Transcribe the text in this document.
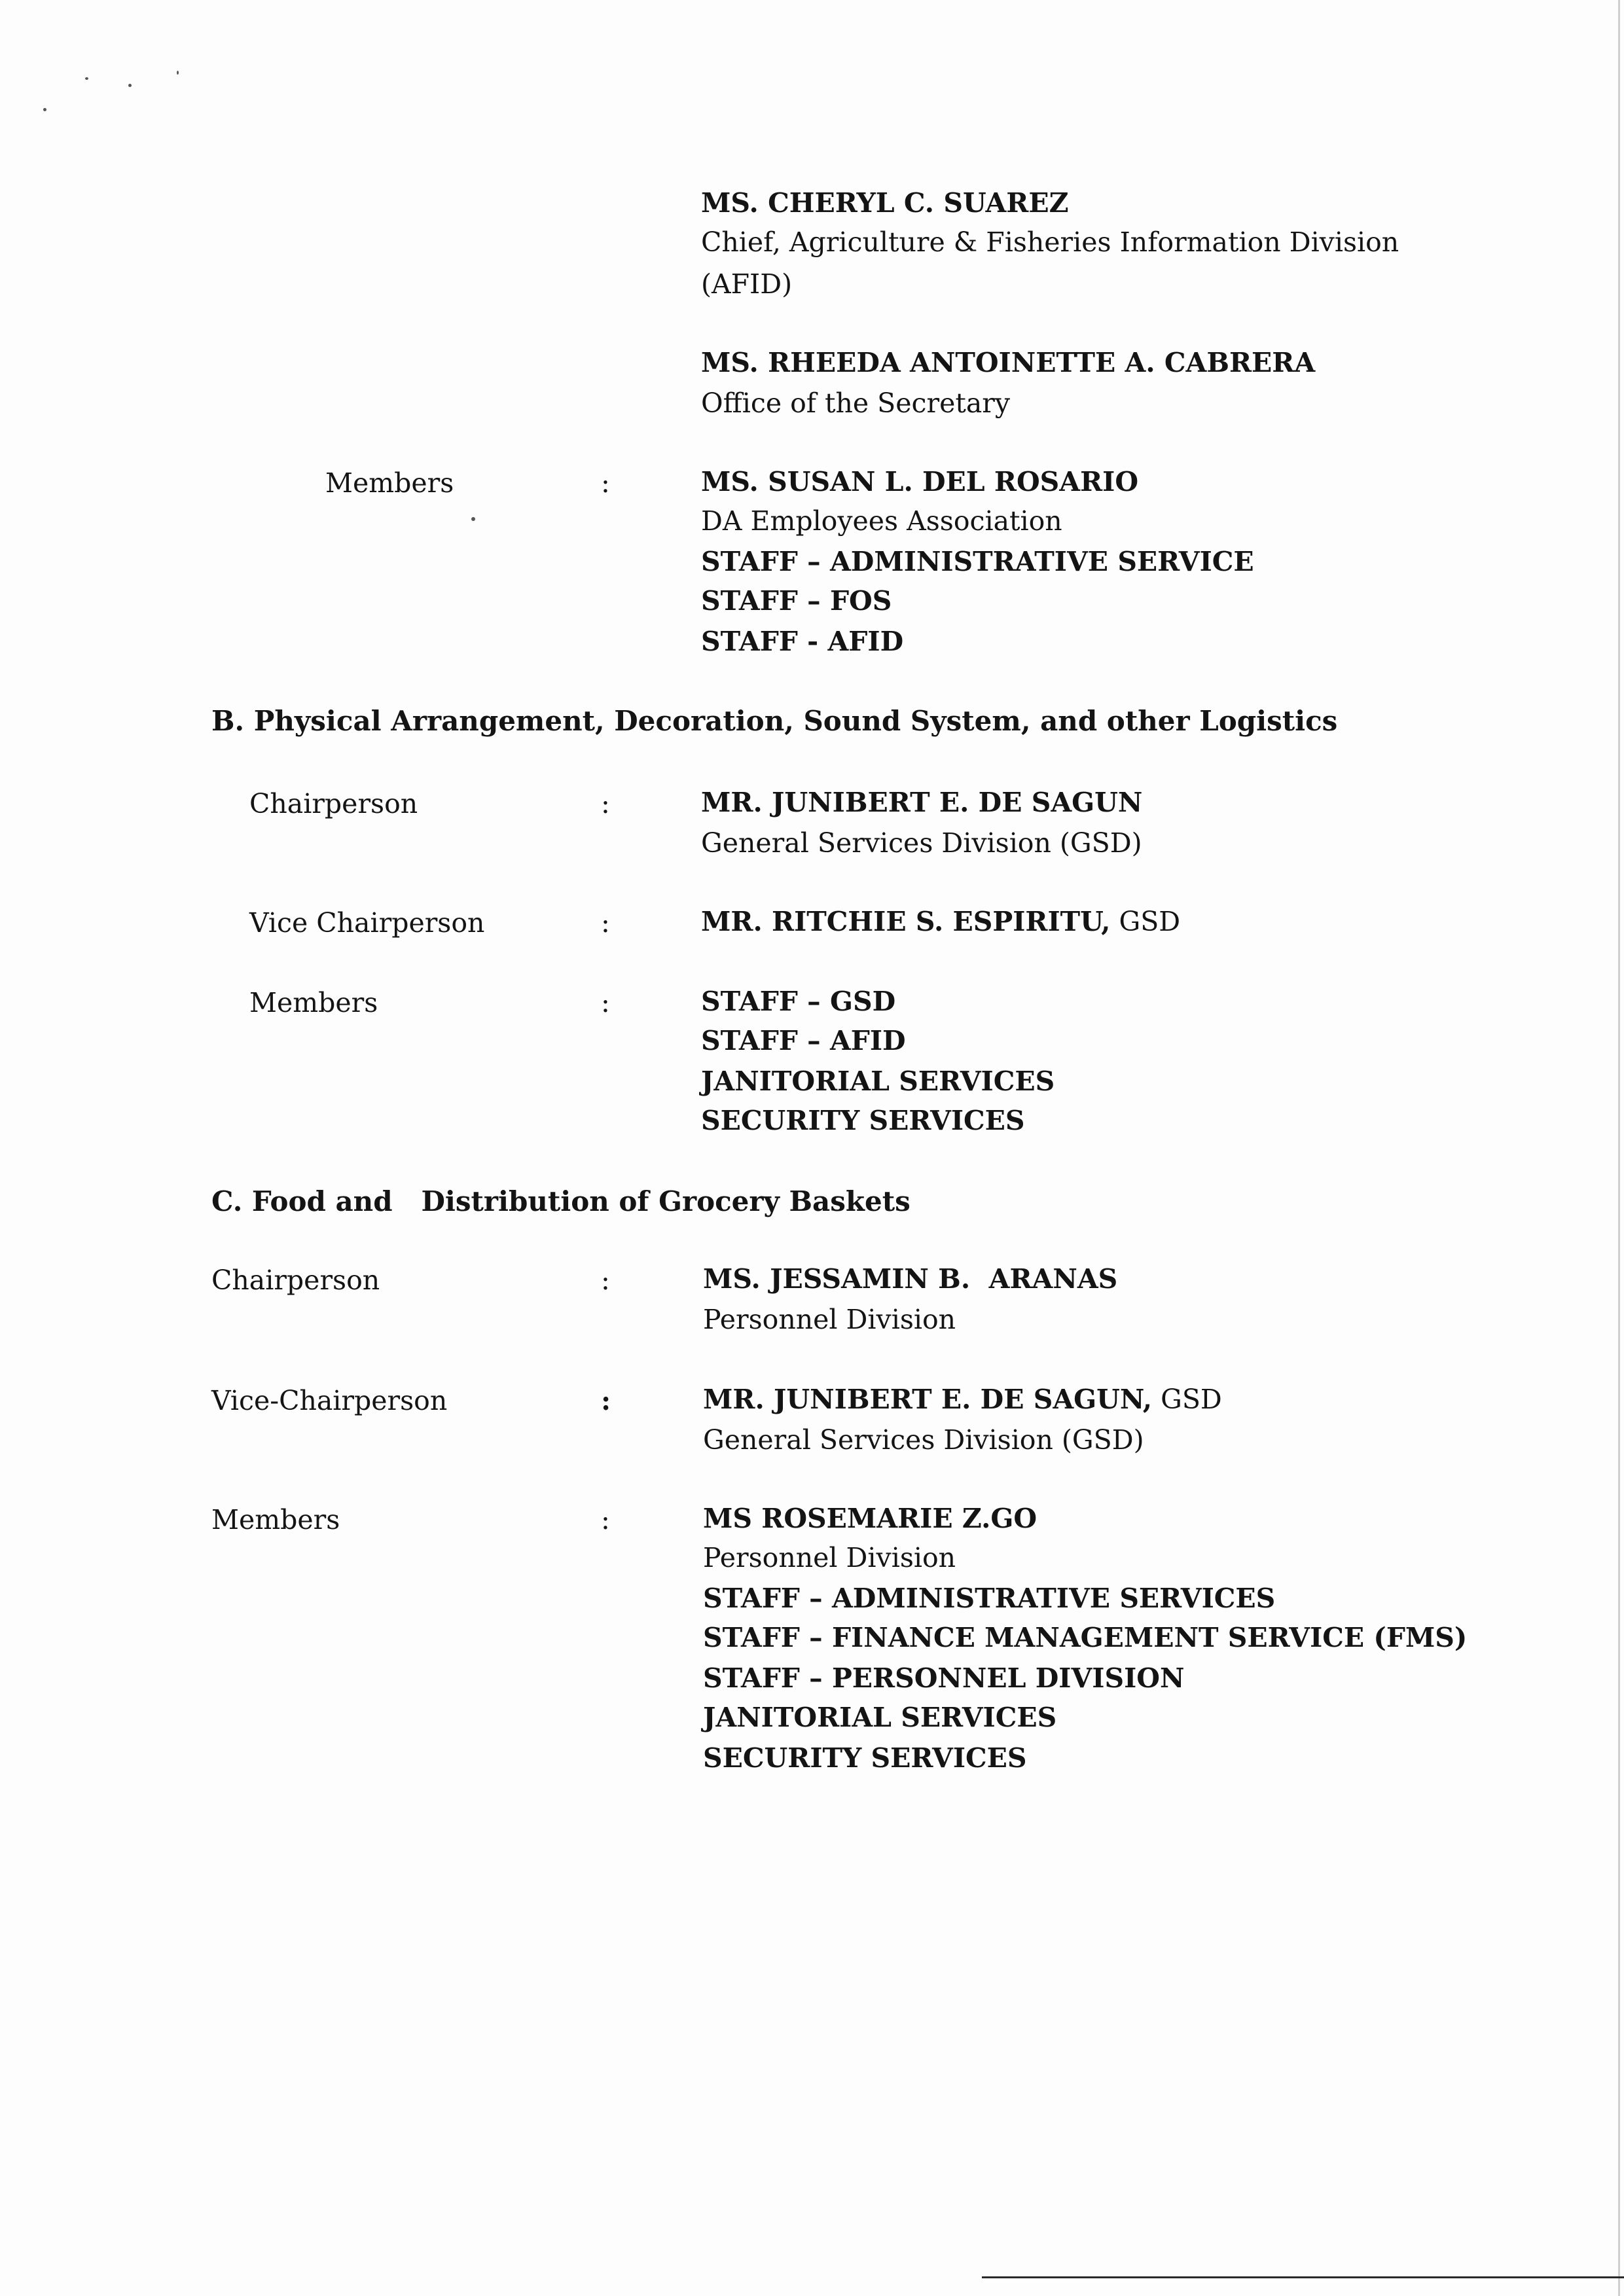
MS. CHERYL C. SUAREZ

Chief, Agriculture & Fisheries Information Division

(AFID)

MS. RHEEDA ANTOINETTE A. CABRERA

Office of the Secretary

Members	:	MS. SUSAN L. DEL ROSARIO

DA Employees Association

STAFF – ADMINISTRATIVE SERVICE

STAFF – FOS

STAFF - AFID

B. Physical Arrangement, Decoration, Sound System, and other Logistics

Chairperson	:	MR. JUNIBERT E. DE SAGUN

General Services Division (GSD)

Vice Chairperson	:	MR. RITCHIE S. ESPIRITU, GSD

Members	:	STAFF – GSD

STAFF – AFID

JANITORIAL SERVICES

SECURITY SERVICES

C. Food and   Distribution of Grocery Baskets

Chairperson	:	MS. JESSAMIN B.  ARANAS

Personnel Division

Vice-Chairperson	:	MR. JUNIBERT E. DE SAGUN, GSD

General Services Division (GSD)

Members	:	MS ROSEMARIE Z.GO

Personnel Division

STAFF – ADMINISTRATIVE SERVICES

STAFF – FINANCE MANAGEMENT SERVICE (FMS)

STAFF – PERSONNEL DIVISION

JANITORIAL SERVICES

SECURITY SERVICES
